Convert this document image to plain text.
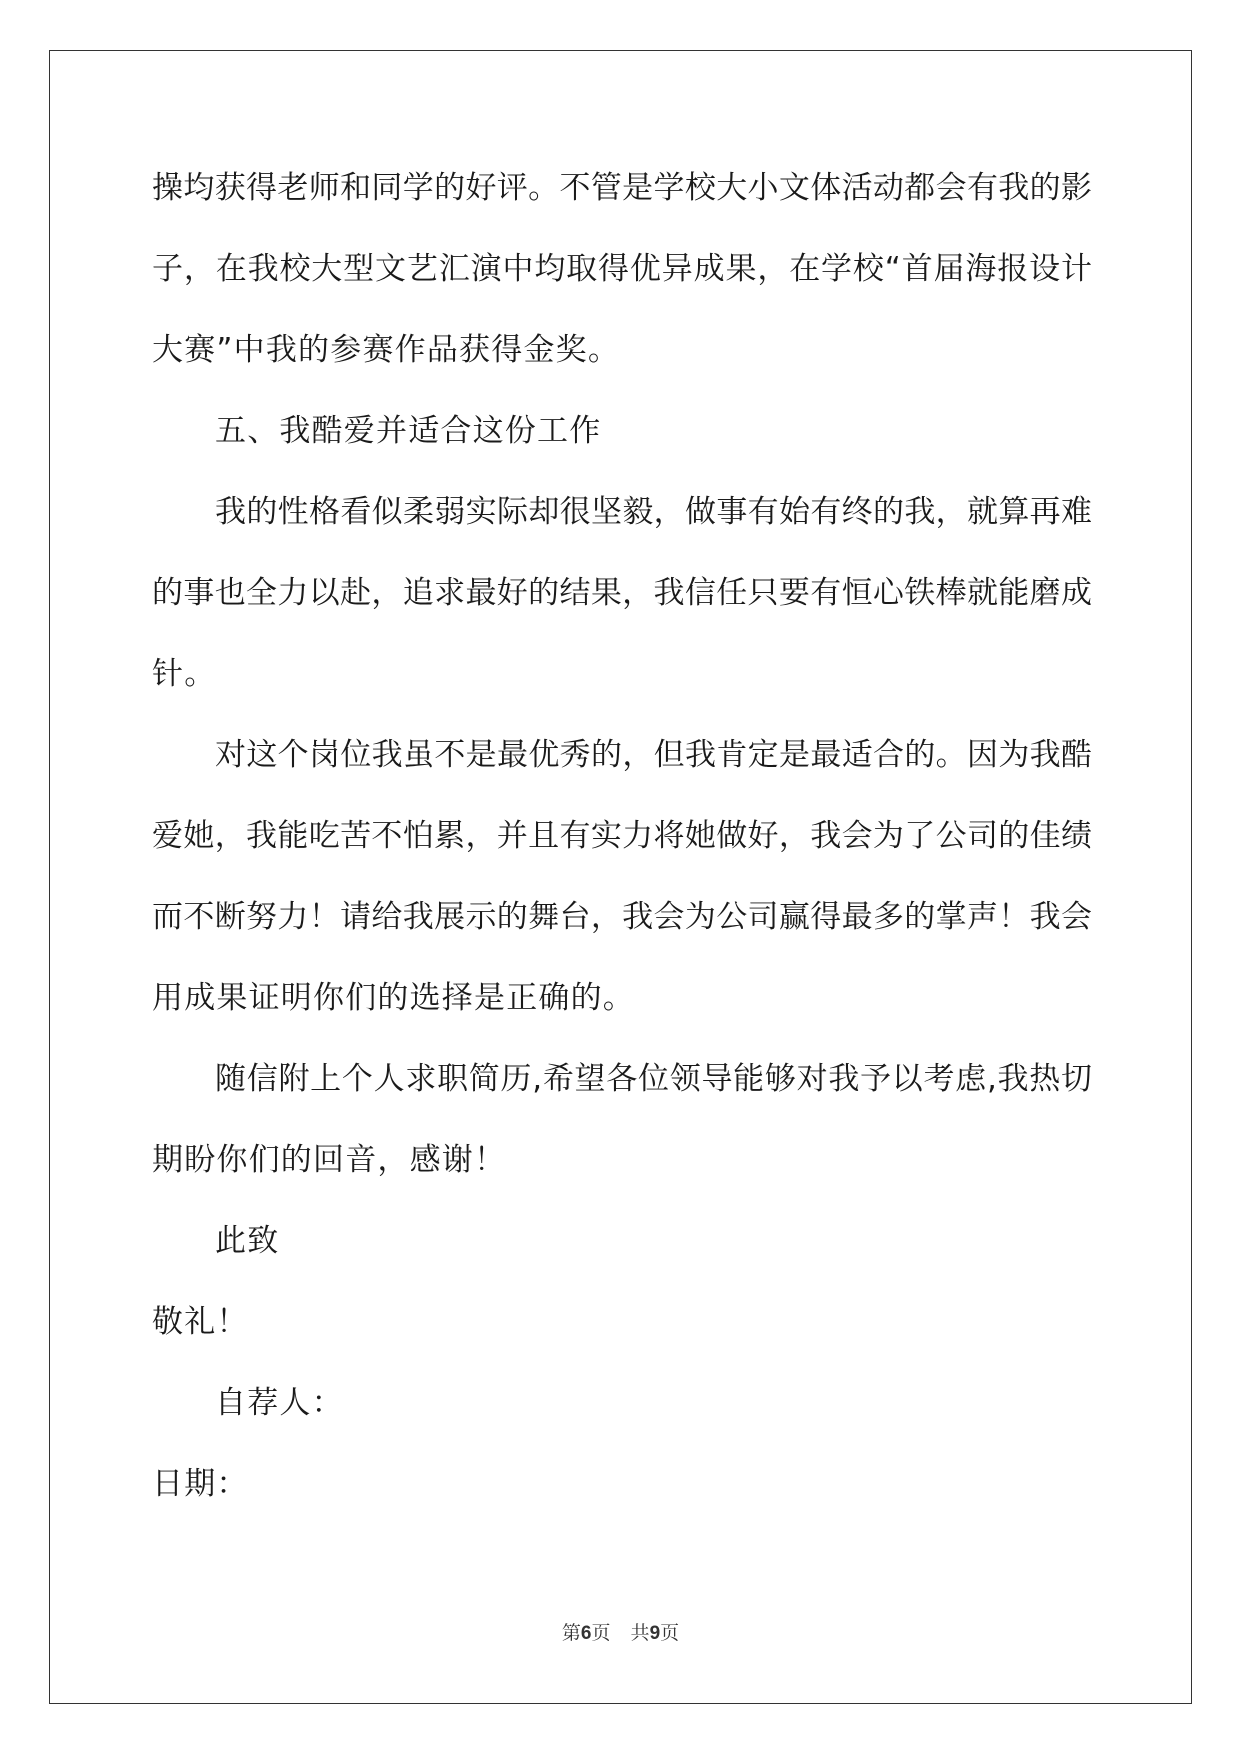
操均获得老师和同学的好评。不管是学校大小文体活动都会有我的影

子，在我校大型文艺汇演中均取得优异成果，在学校“首届海报设计

大赛”中我的参赛作品获得金奖。

五、我酷爱并适合这份工作

我的性格看似柔弱实际却很坚毅，做事有始有终的我，就算再难

的事也全力以赴，追求最好的结果，我信任只要有恒心铁棒就能磨成

针。

对这个岗位我虽不是最优秀的，但我肯定是最适合的。因为我酷

爱她，我能吃苦不怕累，并且有实力将她做好，我会为了公司的佳绩

而不断努力！请给我展示的舞台，我会为公司赢得最多的掌声！我会

用成果证明你们的选择是正确的。

随信附上个人求职简历,希望各位领导能够对我予以考虑,我热切

期盼你们的回音，感谢！

此致

敬礼！

自荐人：

日期：

第6页 共9页
